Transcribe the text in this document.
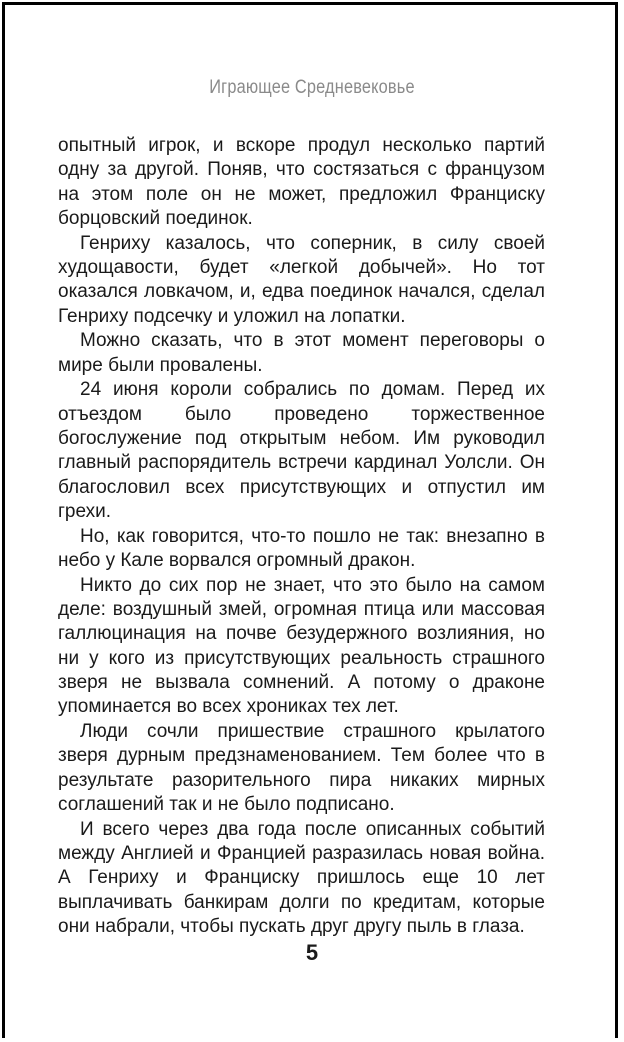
Играющее Средневековье

опытный игрок, и вскоре продул несколько партий одну за другой. Поняв, что состязаться с французом на этом поле он не может, предложил Франциску борцовский поединок.

Генриху казалось, что соперник, в силу своей худощавости, будет «легкой добычей». Но тот оказался ловкачом, и, едва поединок начался, сделал Генриху подсечку и уложил на лопатки.

Можно сказать, что в этот момент переговоры о мире были провалены.

24 июня короли собрались по домам. Перед их отъездом было проведено торжественное богослужение под открытым небом. Им руководил главный распорядитель встречи кардинал Уолсли. Он благословил всех присутствующих и отпустил им грехи.

Но, как говорится, что-то пошло не так: внезапно в небо у Кале ворвался огромный дракон.

Никто до сих пор не знает, что это было на самом деле: воздушный змей, огромная птица или массовая галлюцинация на почве безудержного возлияния, но ни у кого из присутствующих реальность страшного зверя не вызвала сомнений. А потому о драконе упоминается во всех хрониках тех лет.

Люди сочли пришествие страшного крылатого зверя дурным предзнаменованием. Тем более что в результате разорительного пира никаких мирных соглашений так и не было подписано.

И всего через два года после описанных событий между Англией и Францией разразилась новая война. А Генриху и Франциску пришлось еще 10 лет выплачивать банкирам долги по кредитам, которые они набрали, чтобы пускать друг другу пыль в глаза.

5
